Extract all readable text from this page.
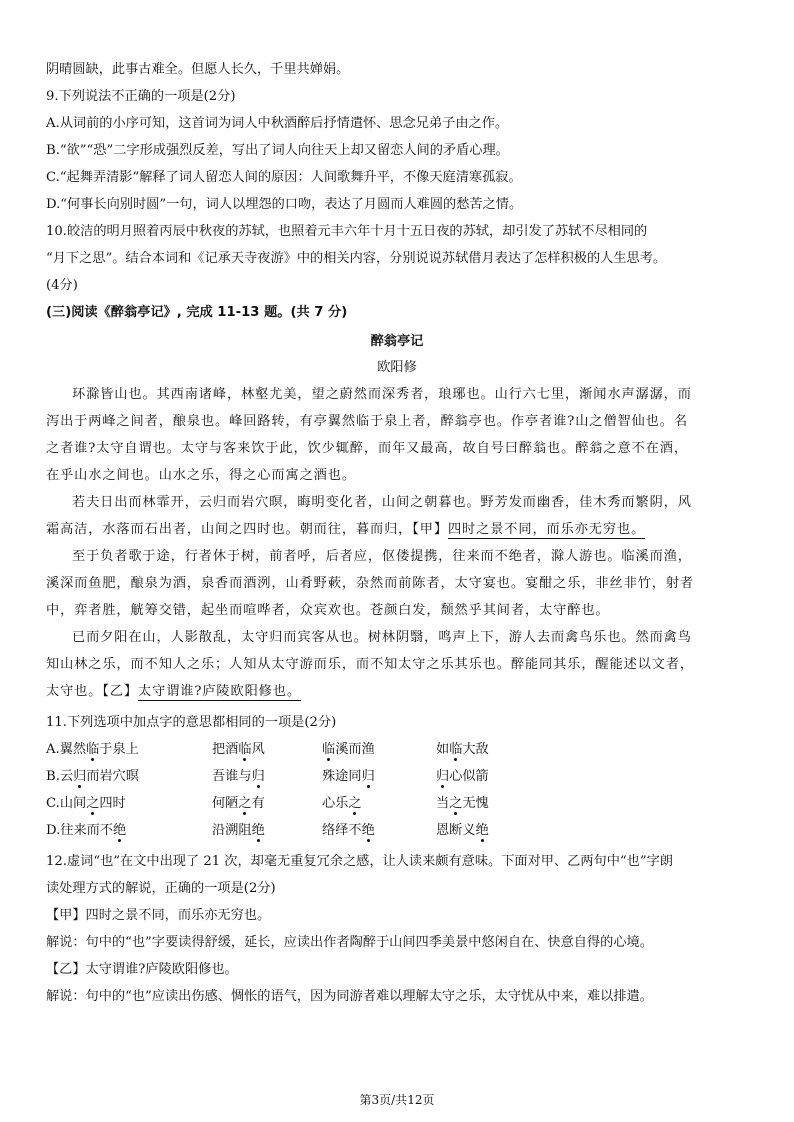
阴晴圆缺，此事古难全。但愿人长久，千里共婵娟。
9.下列说法不正确的一项是(2分)
A.从词前的小序可知，这首词为词人中秋酒醉后抒情遣怀、思念兄弟子由之作。
B.“欲”“恐”二字形成强烈反差，写出了词人向往天上却又留恋人间的矛盾心理。
C.“起舞弄清影”解释了词人留恋人间的原因：人间歌舞升平，不像天庭清寒孤寂。
D.“何事长向别时圆”一句，词人以埋怨的口吻，表达了月圆而人难圆的愁苦之情。
10.皎洁的明月照着丙辰中秋夜的苏轼，也照着元丰六年十月十五日夜的苏轼，却引发了苏轼不尽相同的
“月下之思”。结合本词和《记承天寺夜游》中的相关内容，分别说说苏轼借月表达了怎样积极的人生思考。
(4分)
(三)阅读《醉翁亭记》, 完成 11-13 题。(共 7 分)
醉翁亭记
欧阳修
环滁皆山也。其西南诸峰，林壑尤美，望之蔚然而深秀者，琅琊也。山行六七里，渐闻水声潺潺，而
泻出于两峰之间者，酿泉也。峰回路转，有亭翼然临于泉上者，醉翁亭也。作亭者谁?山之僧智仙也。名
之者谁?太守自谓也。太守与客来饮于此，饮少辄醉，而年又最高，故自号曰醉翁也。醉翁之意不在酒，
在乎山水之间也。山水之乐，得之心而寓之酒也。
若夫日出而林霏开，云归而岩穴暝，晦明变化者，山间之朝暮也。野芳发而幽香，佳木秀而繁阴，风
霜高洁，水落而石出者，山间之四时也。朝而往，暮而归，【甲】四时之景不同，而乐亦无穷也。
至于负者歌于途，行者休于树，前者呼，后者应，伛偻提携，往来而不绝者，滁人游也。临溪而渔，
溪深而鱼肥，酿泉为酒，泉香而酒洌，山肴野蔌，杂然而前陈者，太守宴也。宴酣之乐，非丝非竹，射者
中，弈者胜，觥筹交错，起坐而喧哗者，众宾欢也。苍颜白发，颓然乎其间者，太守醉也。
已而夕阳在山，人影散乱，太守归而宾客从也。树林阴翳，鸣声上下，游人去而禽鸟乐也。然而禽鸟
知山林之乐，而不知人之乐；人知从太守游而乐，而不知太守之乐其乐也。醉能同其乐，醒能述以文者，
太守也。【乙】太守谓谁?庐陵欧阳修也。
11.下列选项中加点字的意思都相同的一项是(2分)
A.翼然临于泉上	把酒临风	临溪而渔	如临大敌
B.云归而岩穴暝	吾谁与归	殊途同归	归心似箭
C.山间之四时	何陋之有	心乐之	当之无愧
D.往来而不绝	沿溯阻绝	络绎不绝	恩断义绝
12.虚词“也”在文中出现了 21 次，却毫无重复冗余之感，让人读来颇有意味。下面对甲、乙两句中“也”字朗
读处理方式的解说，正确的一项是(2分)
【甲】四时之景不同，而乐亦无穷也。
解说：句中的“也”字要读得舒缓，延长，应读出作者陶醉于山间四季美景中悠闲自在、快意自得的心境。
【乙】太守谓谁?庐陵欧阳修也。
解说：句中的“也”应读出伤感、惆怅的语气，因为同游者难以理解太守之乐，太守忧从中来，难以排遣。
第3页/共12页
